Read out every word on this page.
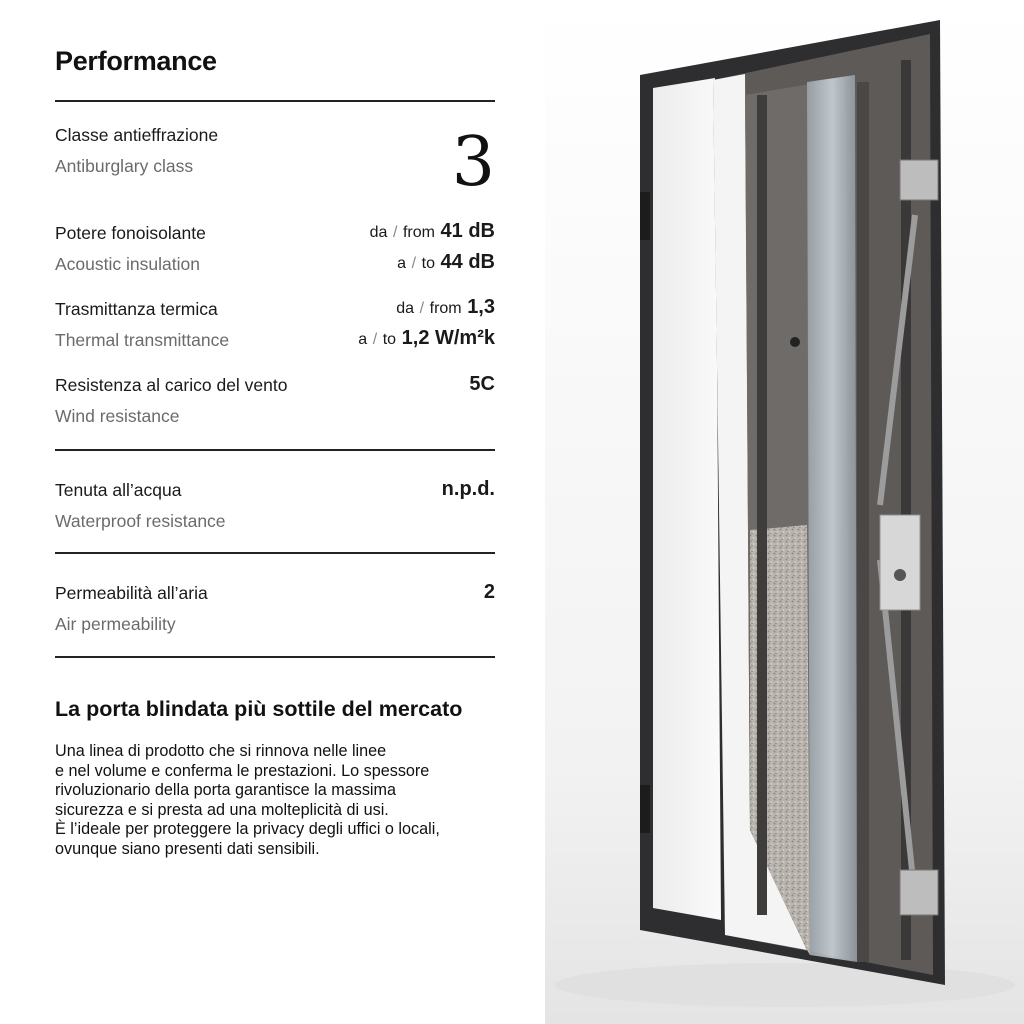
Performance
Classe antieffrazione
Antiburglary class	3
Potere fonoisolante
Acoustic insulation
da / from 41 dB
a / to 44 dB
Trasmittanza termica
Thermal transmittance
da / from 1,3
a / to 1,2 W/m²k
Resistenza al carico del vento
Wind resistance
5C
Tenuta all’acqua
Waterproof resistance
n.p.d.
Permeabilità all’aria
Air permeability
2
La porta blindata più sottile del mercato
Una linea di prodotto che si rinnova nelle linee
e nel volume e conferma le prestazioni. Lo spessore
rivoluzionario della porta garantisce la massima
sicurezza e si presta ad una molteplicità di usi.
È l’ideale per proteggere la privacy degli uffici o locali,
ovunque siano presenti dati sensibili.
